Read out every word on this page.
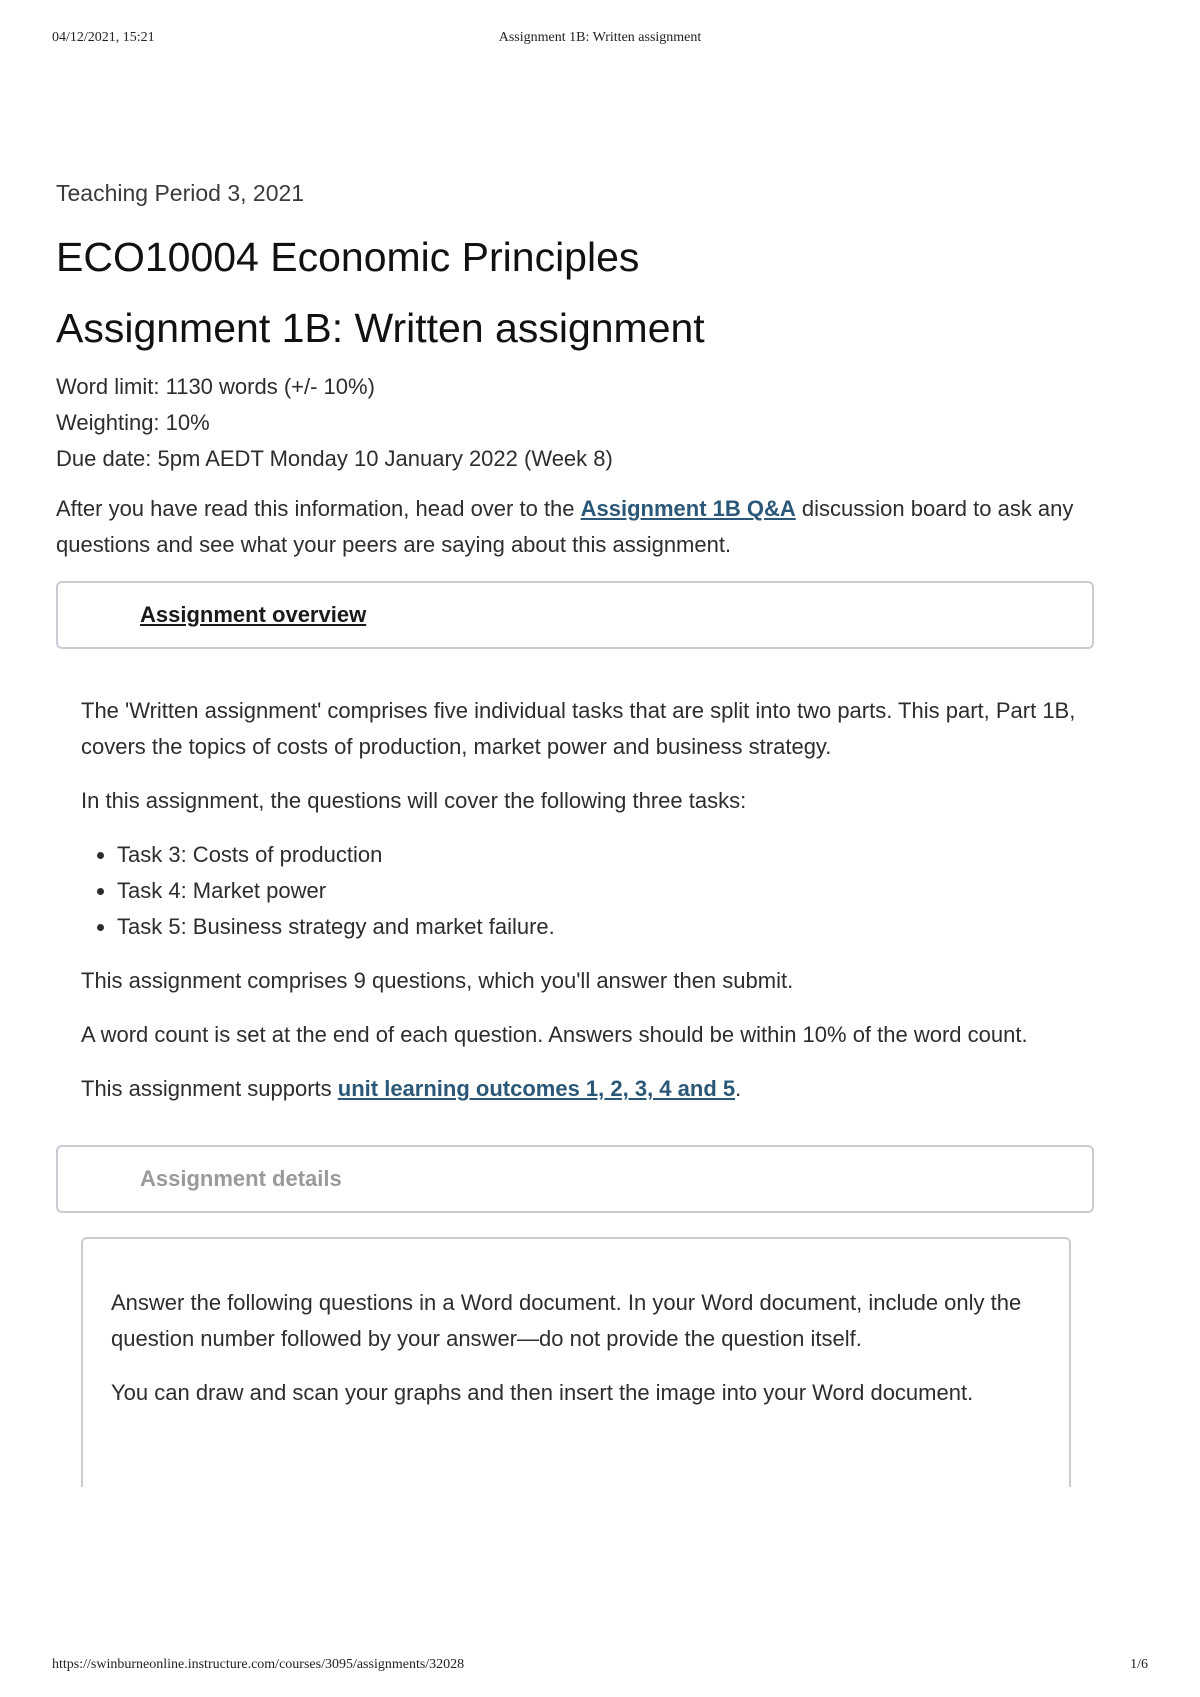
04/12/2021, 15:21	Assignment 1B: Written assignment

Teaching Period 3, 2021

ECO10004 Economic Principles
Assignment 1B: Written assignment

Word limit: 1130 words (+/- 10%)

Weighting: 10%

Due date: 5pm AEDT Monday 10 January 2022 (Week 8)

After you have read this information, head over to the Assignment 1B Q&A discussion board to ask any questions and see what your peers are saying about this assignment.

Assignment overview

The 'Written assignment' comprises five individual tasks that are split into two parts. This part, Part 1B, covers the topics of costs of production, market power and business strategy.

In this assignment, the questions will cover the following three tasks:

• Task 3: Costs of production
• Task 4: Market power
• Task 5: Business strategy and market failure.

This assignment comprises 9 questions, which you'll answer then submit.

A word count is set at the end of each question. Answers should be within 10% of the word count.

This assignment supports unit learning outcomes 1, 2, 3, 4 and 5.

Assignment details

Answer the following questions in a Word document. In your Word document, include only the question number followed by your answer—do not provide the question itself.

You can draw and scan your graphs and then insert the image into your Word document.

https://swinburneonline.instructure.com/courses/3095/assignments/32028	1/6
